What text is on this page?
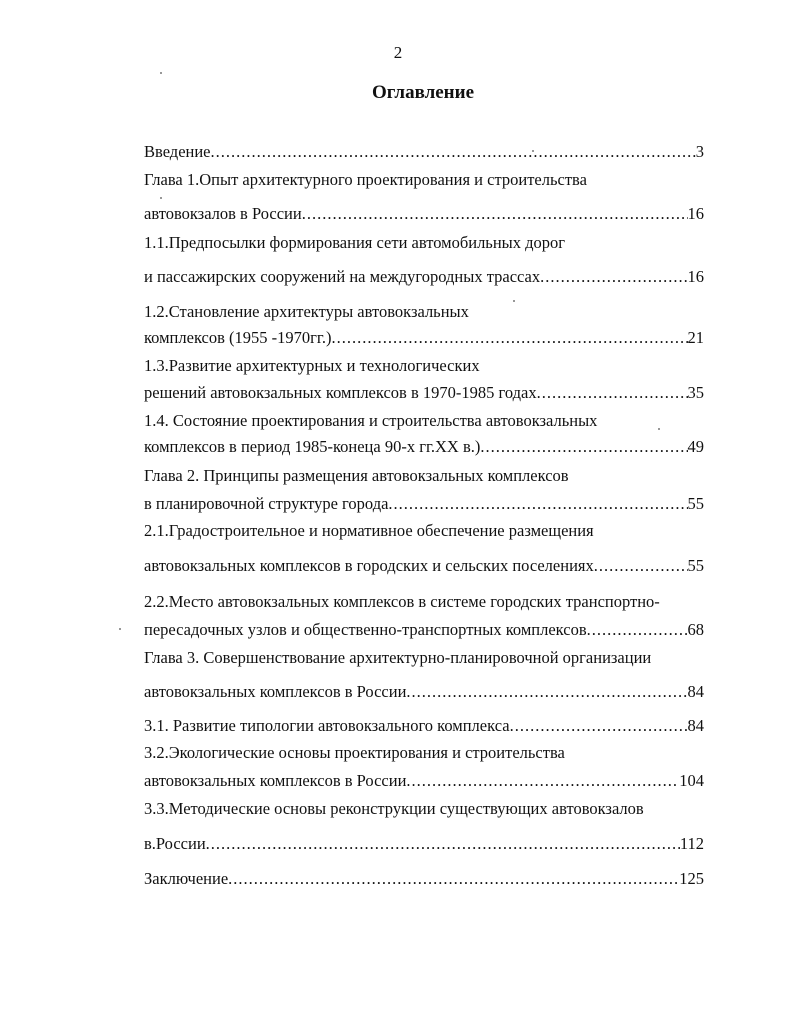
2
Оглавление
Введение .....	3
Глава 1.Опыт архитектурного проектирования и строительства
автовокзалов в России .....	16
1.1.Предпосылки формирования сети автомобильных дорог
и пассажирских сооружений на междугородных трассах .....	16
1.2.Становление архитектуры автовокзальных
комплексов (1955 -1970гг.) .....	21
1.3.Развитие архитектурных и технологических
решений автовокзальных комплексов в 1970-1985 годах .....	35
1.4. Состояние проектирования и строительства автовокзальных
комплексов в период 1985-конеца 90-х гг.ХХ в.) .....	49
Глава 2. Принципы размещения автовокзальных комплексов
в планировочной структуре города .....	55
2.1.Градостроительное и нормативное обеспечение размещения
автовокзальных комплексов в городских и сельских поселениях .....	55
2.2.Место автовокзальных комплексов в системе городских транспортно-
пересадочных узлов и общественно-транспортных комплексов .....	68
Глава 3. Совершенствование архитектурно-планировочной организации
автовокзальных комплексов в России .....	84
3.1. Развитие типологии автовокзального комплекса .....	84
3.2.Экологические основы проектирования и строительства
автовокзальных комплексов в России .....	104
3.3.Методические основы реконструкции существующих автовокзалов
в.России .....	112
Заключение .....	125
